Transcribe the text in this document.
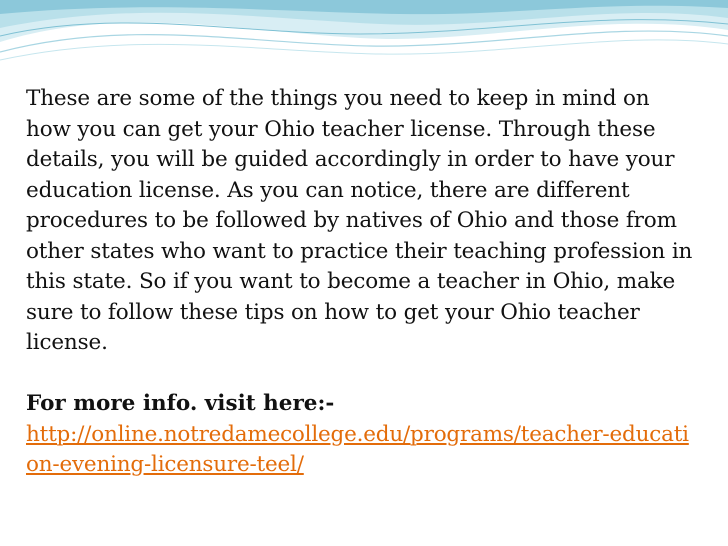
These are some of the things you need to keep in mind on how you can get your Ohio teacher license. Through these details, you will be guided accordingly in order to have your education license. As you can notice, there are different procedures to be followed by natives of Ohio and those from other states who want to practice their teaching profession in this state. So if you want to become a teacher in Ohio, make sure to follow these tips on how to get your Ohio teacher license.

For more info. visit here:-

http://online.notredamecollege.edu/programs/teacher-education-evening-licensure-teel/
